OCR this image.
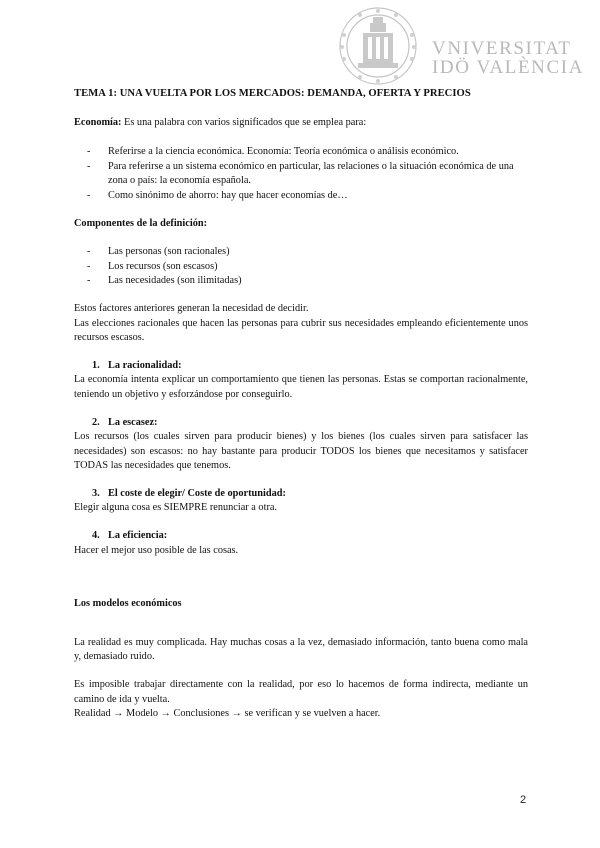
VNIVERSITAT
IDÖ VALÈNCIA

TEMA 1: UNA VUELTA POR LOS MERCADOS: DEMANDA, OFERTA Y PRECIOS

Economía: Es una palabra con varios significados que se emplea para:

- Referirse a la ciencia económica. Economía: Teoría económica o análisis económico.
- Para referirse a un sistema económico en particular, las relaciones o la situación económica de una zona o país: la economía española.
- Como sinónimo de ahorro: hay que hacer economías de…

Componentes de la definición:

- Las personas (son racionales)
- Los recursos (son escasos)
- Las necesidades (son ilimitadas)

Estos factores anteriores generan la necesidad de decidir.

Las elecciones racionales que hacen las personas para cubrir sus necesidades empleando eficientemente unos recursos escasos.

1. La racionalidad:

La economía intenta explicar un comportamiento que tienen las personas. Estas se comportan racionalmente, teniendo un objetivo y esforzándose por conseguirlo.

2. La escasez:

Los recursos (los cuales sirven para producir bienes) y los bienes (los cuales sirven para satisfacer las necesidades) son escasos: no hay bastante para producir TODOS los bienes que necesitamos y satisfacer TODAS las necesidades que tenemos.

3. El coste de elegir/ Coste de oportunidad:

Elegir alguna cosa es SIEMPRE renunciar a otra.

4. La eficiencia:

Hacer el mejor uso posible de las cosas.

Los modelos económicos

La realidad es muy complicada. Hay muchas cosas a la vez, demasiado información, tanto buena como mala y, demasiado ruido.

Es imposible trabajar directamente con la realidad, por eso lo hacemos de forma indirecta, mediante un camino de ida y vuelta.

Realidad → Modelo → Conclusiones → se verifican y se vuelven a hacer.

2
